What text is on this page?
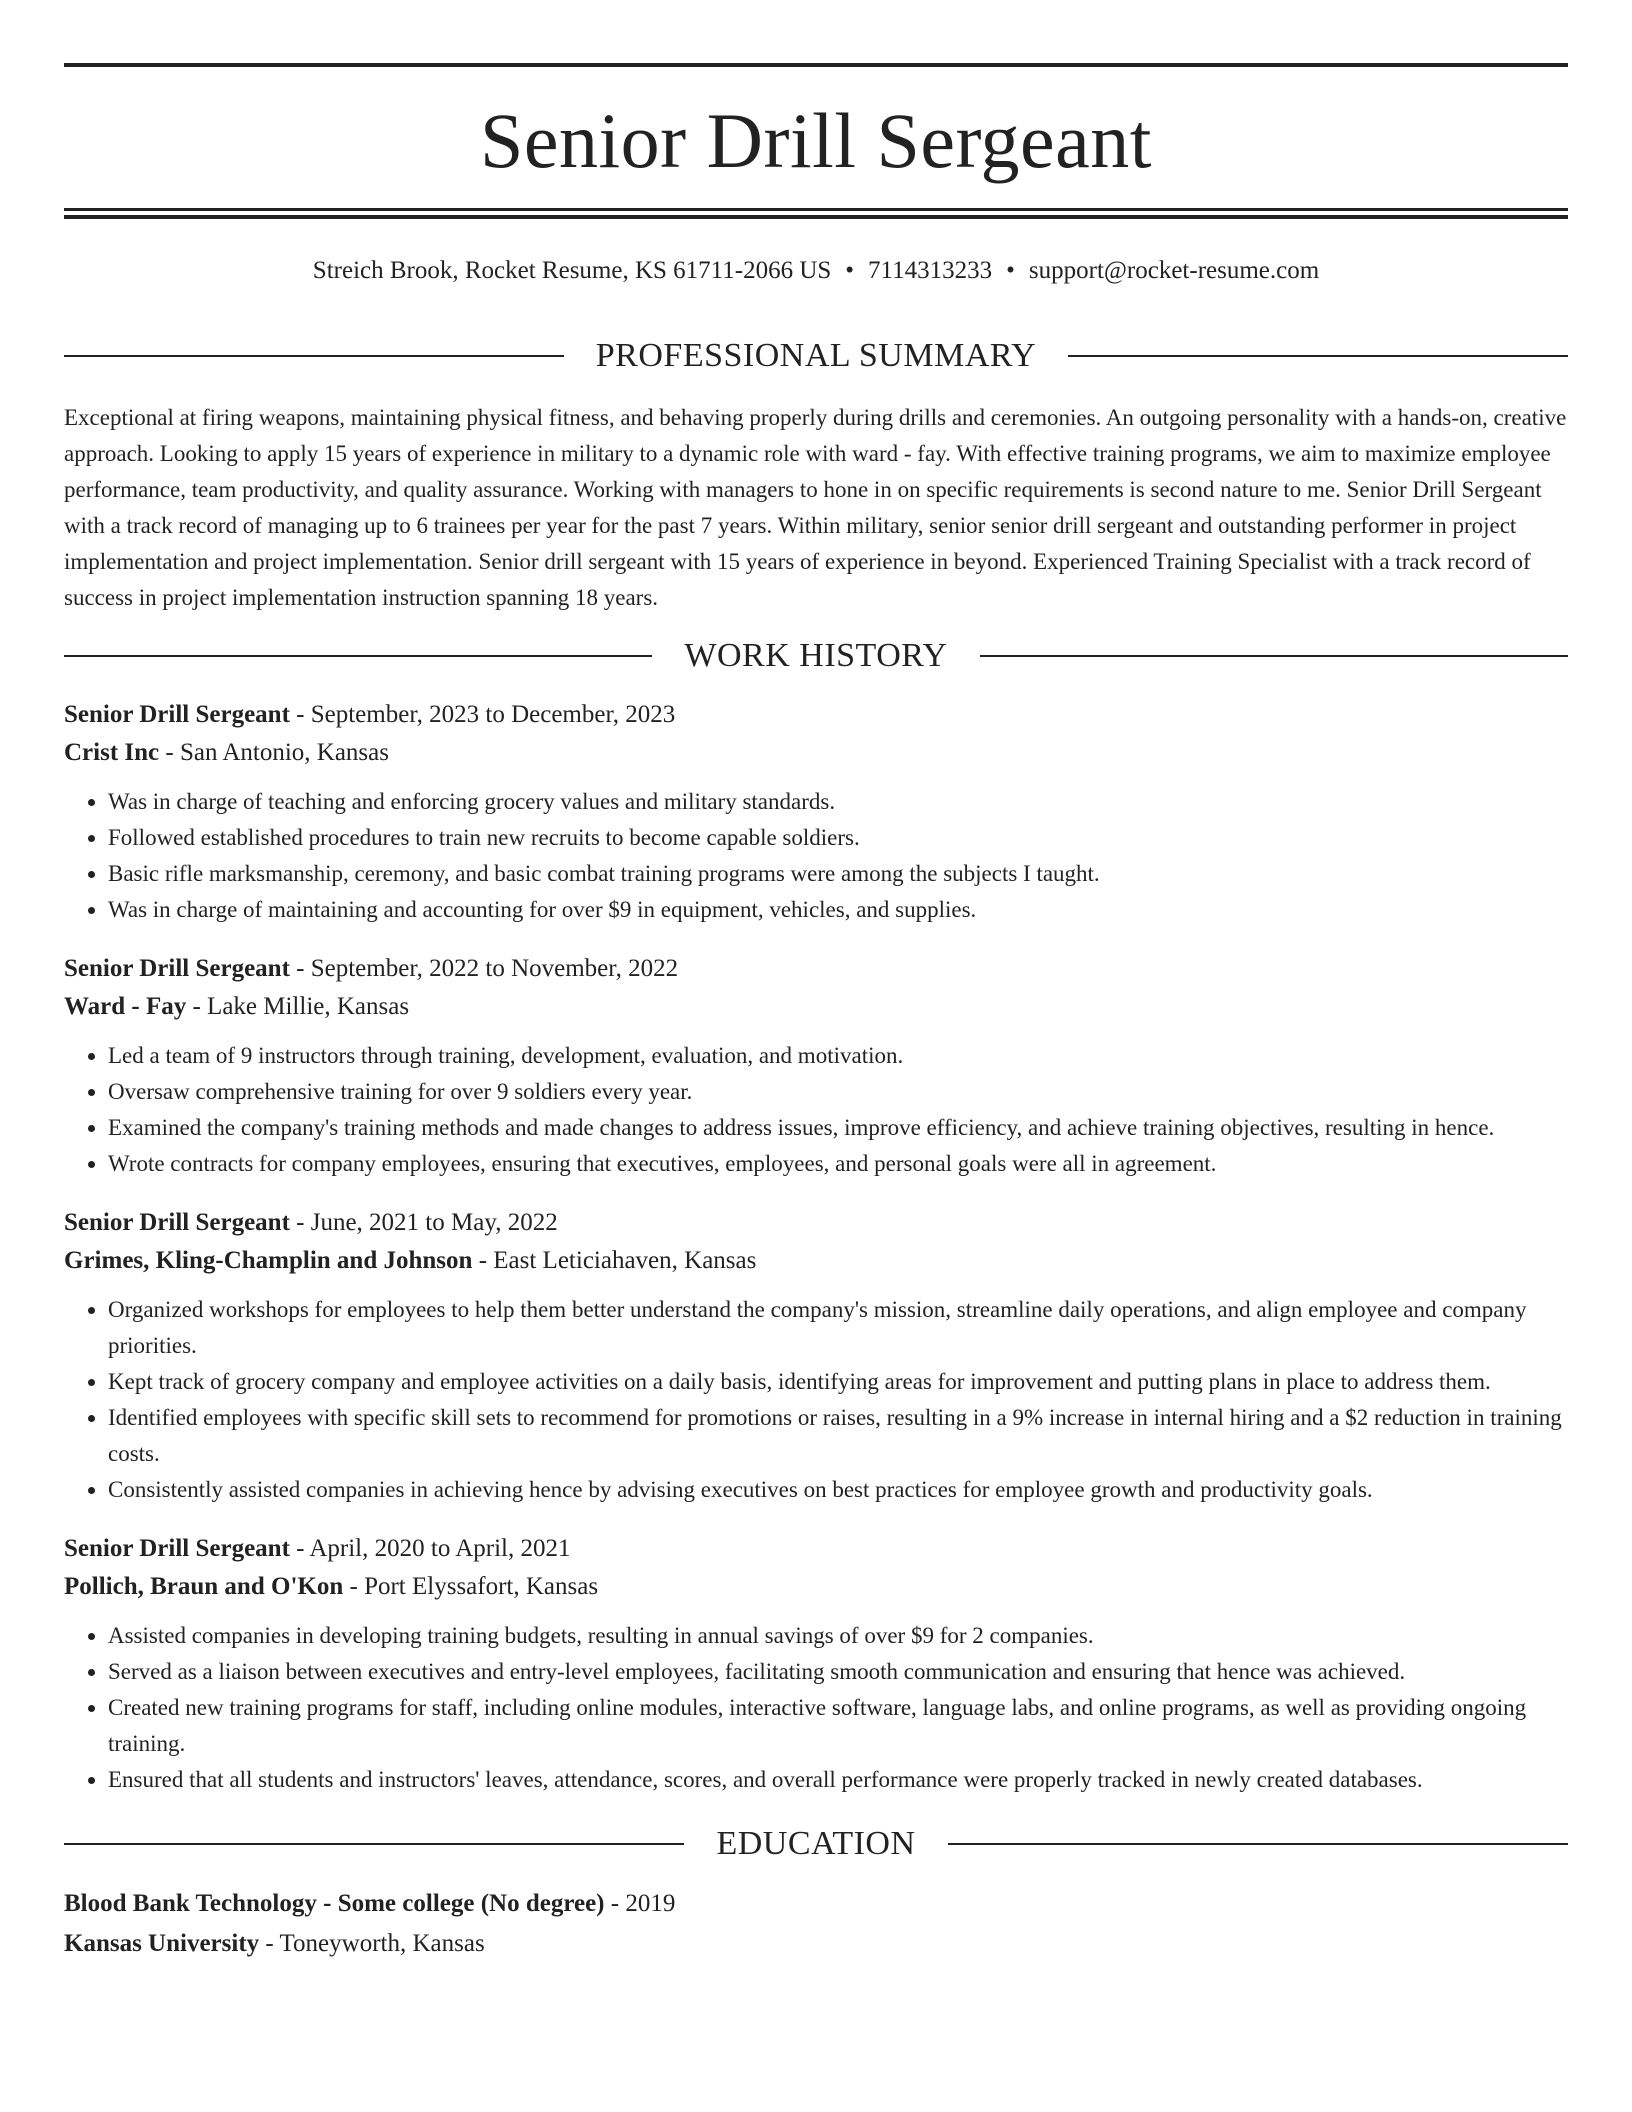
Senior Drill Sergeant
Streich Brook, Rocket Resume, KS 61711-2066 US • 7114313233 • support@rocket-resume.com
PROFESSIONAL SUMMARY

Exceptional at firing weapons, maintaining physical fitness, and behaving properly during drills and ceremonies. An outgoing personality with a hands-on, creative approach. Looking to apply 15 years of experience in military to a dynamic role with ward - fay. With effective training programs, we aim to maximize employee performance, team productivity, and quality assurance. Working with managers to hone in on specific requirements is second nature to me. Senior Drill Sergeant with a track record of managing up to 6 trainees per year for the past 7 years. Within military, senior senior drill sergeant and outstanding performer in project implementation and project implementation. Senior drill sergeant with 15 years of experience in beyond. Experienced Training Specialist with a track record of success in project implementation instruction spanning 18 years.

WORK HISTORY
Senior Drill Sergeant - September, 2023 to December, 2023
Crist Inc - San Antonio, Kansas
• Was in charge of teaching and enforcing grocery values and military standards.
• Followed established procedures to train new recruits to become capable soldiers.
• Basic rifle marksmanship, ceremony, and basic combat training programs were among the subjects I taught.
• Was in charge of maintaining and accounting for over $9 in equipment, vehicles, and supplies.
Senior Drill Sergeant - September, 2022 to November, 2022
Ward - Fay - Lake Millie, Kansas
• Led a team of 9 instructors through training, development, evaluation, and motivation.
• Oversaw comprehensive training for over 9 soldiers every year.
• Examined the company's training methods and made changes to address issues, improve efficiency, and achieve training objectives, resulting in hence.
• Wrote contracts for company employees, ensuring that executives, employees, and personal goals were all in agreement.
Senior Drill Sergeant - June, 2021 to May, 2022
Grimes, Kling-Champlin and Johnson - East Leticiahaven, Kansas
• Organized workshops for employees to help them better understand the company's mission, streamline daily operations, and align employee and company priorities.
• Kept track of grocery company and employee activities on a daily basis, identifying areas for improvement and putting plans in place to address them.
• Identified employees with specific skill sets to recommend for promotions or raises, resulting in a 9% increase in internal hiring and a $2 reduction in training costs.
• Consistently assisted companies in achieving hence by advising executives on best practices for employee growth and productivity goals.
Senior Drill Sergeant - April, 2020 to April, 2021
Pollich, Braun and O'Kon - Port Elyssafort, Kansas
• Assisted companies in developing training budgets, resulting in annual savings of over $9 for 2 companies.
• Served as a liaison between executives and entry-level employees, facilitating smooth communication and ensuring that hence was achieved.
• Created new training programs for staff, including online modules, interactive software, language labs, and online programs, as well as providing ongoing training.
• Ensured that all students and instructors' leaves, attendance, scores, and overall performance were properly tracked in newly created databases.
EDUCATION
Blood Bank Technology - Some college (No degree) - 2019
Kansas University - Toneyworth, Kansas
